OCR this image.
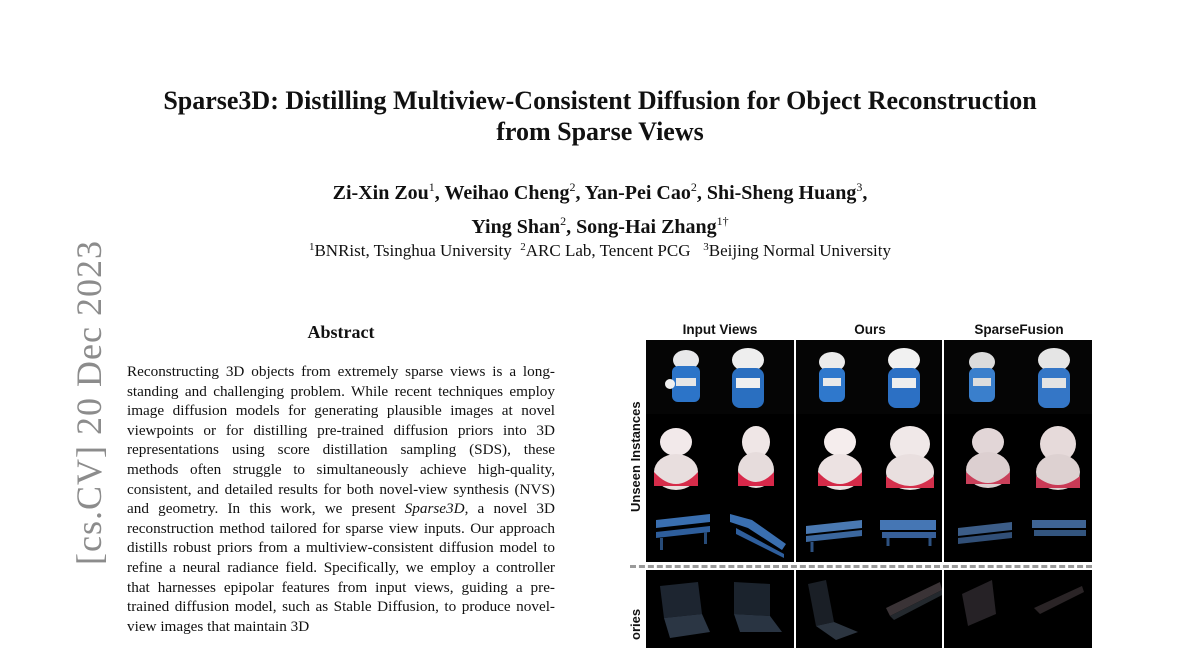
[cs.CV] 20 Dec 2023
Sparse3D: Distilling Multiview-Consistent Diffusion for Object Reconstruction
from Sparse Views
Zi-Xin Zou$^1$, Weihao Cheng$^2$, Yan-Pei Cao$^2$, Shi-Sheng Huang$^3$,
Ying Shan$^2$, Song-Hai Zhang$^{1\dagger}$
$^1$BNRist, Tsinghua University $^2$ARC Lab, Tencent PCG $^3$Beijing Normal University
Abstract
Reconstructing 3D objects from extremely sparse views is a long-standing and challenging problem. While recent techniques employ image diffusion models for generating plausible images at novel viewpoints or for distilling pre-trained diffusion priors into 3D representations using score distillation sampling (SDS), these methods often struggle to simultaneously achieve high-quality, consistent, and detailed results for both novel-view synthesis (NVS) and geometry. In this work, we present Sparse3D, a novel 3D reconstruction method tailored for sparse view inputs. Our approach distills robust priors from a multiview-consistent diffusion model to refine a neural radiance field. Specifically, we employ a controller that harnesses epipolar features from input views, guiding a pre-trained diffusion model, such as Stable Diffusion, to produce novel-view images that maintain 3D
Input Views	Ours	SparseFusion
Unseen Instances
ories
